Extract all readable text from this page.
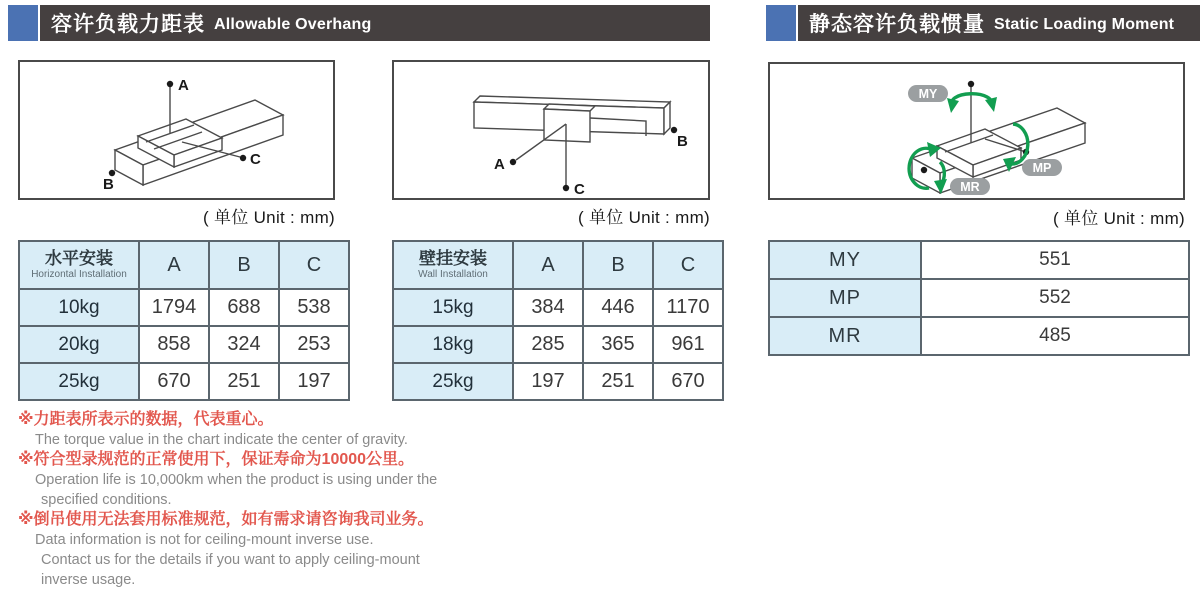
容许负载力距表 Allowable Overhang	静态容许负载惯量 Static Loading Moment
A
C
B
( 单位 Unit : mm)
A
C
B
( 单位 Unit : mm)
MY
MP
MR
( 单位 Unit : mm)
水平安装
Horizontal Installation	A	B	C
10kg	1794	688	538
20kg	858	324	253
25kg	670	251	197
壁挂安装
Wall Installation	A	B	C
15kg	384	446	1170
18kg	285	365	961
25kg	197	251	670
MY	551
MP	552
MR	485

※力距表所表示的数据，代表重心。

The torque value in the chart indicate the center of gravity.

※符合型录规范的正常使用下，保证寿命为10000公里。

Operation life is 10,000km when the product is using under the

specified conditions.

※倒吊使用无法套用标准规范，如有需求请咨询我司业务。

Data information is not for ceiling-mount inverse use.

Contact us for the details if you want to apply ceiling-mount

inverse usage.
